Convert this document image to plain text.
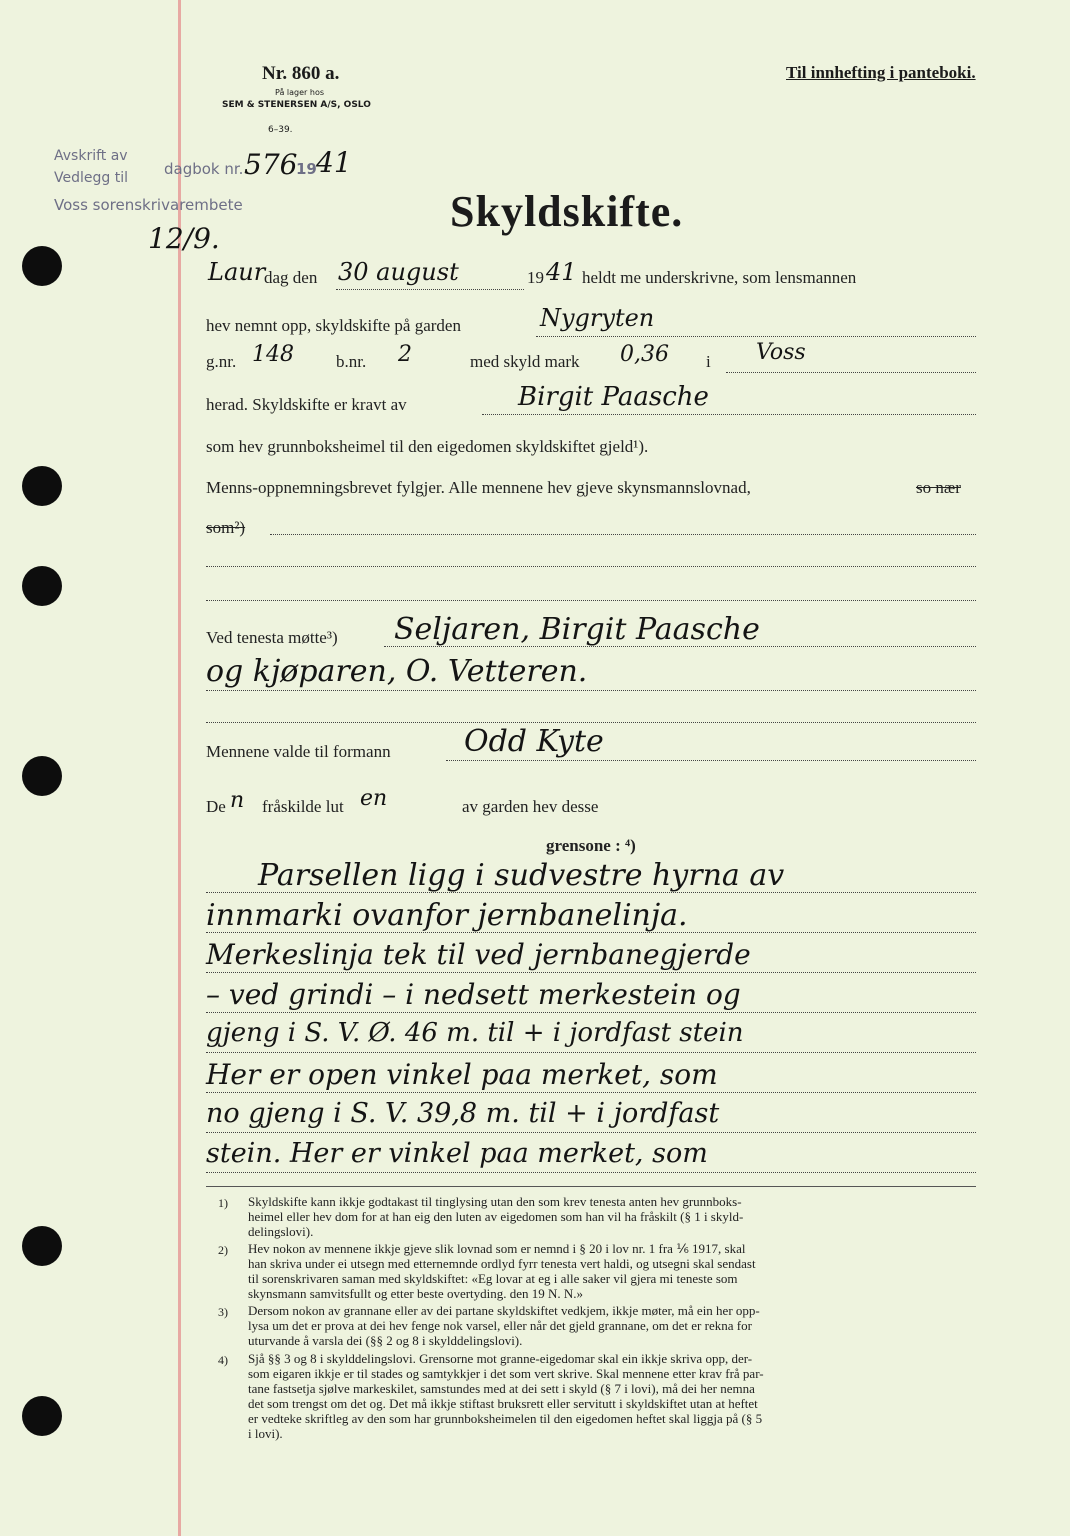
Nr. 860 a.
På lager hos
SEM & STENERSEN A/S, OSLO
6–39.
Til innhefting i panteboki.
Avskrift av
Vedlegg til
Voss sorenskrivarembete
dagbok nr. 576
19 41
12/9.
Skyldskifte.
Laur
dag den 30 august	19 41 heldt me underskrivne, som lensmannen
hev nemnt opp, skyldskifte på garden	Nygryten
g.nr. 148 b.nr. 2	med skyld mark 0,36 i Voss
herad. Skyldskifte er kravt av	Birgit Paasche
som hev grunnboksheimel til den eigedomen skyldskiftet gjeld¹).
Menns-oppnemningsbrevet fylgjer. Alle mennene hev gjeve skynsmannslovnad,	so nær
som²)
Ved tenesta møtte³) Seljaren, Birgit Paasche
og kjøparen, O. Vetteren.
Mennene valde til formann Odd Kyte
De n fråskilde lut en	av garden hev desse
grensone : ⁴)
Parsellen ligg i sudvestre hyrna av
innmarki ovanfor jernbanelinja.
Merkeslinja tek til ved jernbanegjerde
– ved grindi – i nedsett merkestein og
gjeng i S. V. Ø. 46 m. til + i jordfast stein
Her er open vinkel paa merket, som
no gjeng i S. V. 39,8 m. til + i jordfast
stein. Her er vinkel paa merket, som
1) Skyldskifte kann ikkje godtakast til tinglysing utan den som krev tenesta anten hev grunnboks-
heimel eller hev dom for at han eig den luten av eigedomen som han vil ha fråskilt (§ 1 i skyld-
delingslovi).
2) Hev nokon av mennene ikkje gjeve slik lovnad som er nemnd i § 20 i lov nr. 1 fra ⅙ 1917, skal
han skriva under ei utsegn med etternemnde ordlyd fyrr tenesta vert haldi, og utsegni skal sendast
til sorenskrivaren saman med skyldskiftet: «Eg lovar at eg i alle saker vil gjera mi teneste som
skynsmann samvitsfullt og etter beste overtyding. den 19 N. N.»
3) Dersom nokon av grannane eller av dei partane skyldskiftet vedkjem, ikkje møter, må ein her opp-
lysa um det er prova at dei hev fenge nok varsel, eller når det gjeld grannane, om det er rekna for
uturvande å varsla dei (§§ 2 og 8 i skylddelingslovi).
4) Sjå §§ 3 og 8 i skylddelingslovi. Grensorne mot granne-eigedomar skal ein ikkje skriva opp, der-
som eigaren ikkje er til stades og samtykkjer i det som vert skrive. Skal mennene etter krav frå par-
tane fastsetja sjølve markeskilet, samstundes med at dei sett i skyld (§ 7 i lovi), må dei her nemna
det som trengst om det og. Det må ikkje stiftast bruksrett eller servitutt i skyldskiftet utan at heftet
er vedteke skriftleg av den som har grunnboksheimelen til den eigedomen heftet skal liggja på (§ 5
i lovi).
